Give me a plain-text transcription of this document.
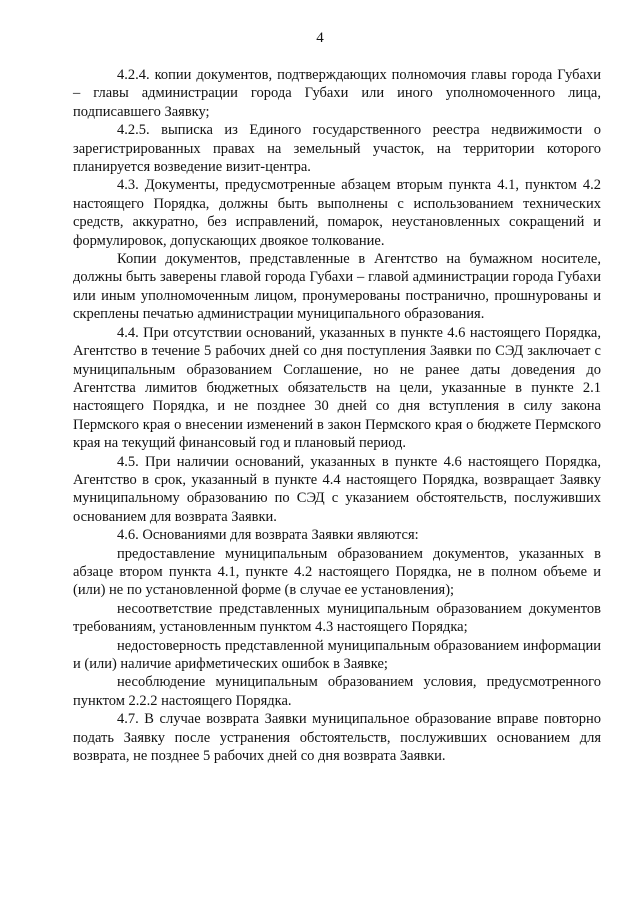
4

4.2.4. копии документов, подтверждающих полномочия главы города Губахи – главы администрации города Губахи или иного уполномоченного лица, подписавшего Заявку;

4.2.5. выписка из Единого государственного реестра недвижимости о зарегистрированных правах на земельный участок, на территории которого планируется возведение визит-центра.

4.3. Документы, предусмотренные абзацем вторым пункта 4.1, пунктом 4.2 настоящего Порядка, должны быть выполнены с использованием технических средств, аккуратно, без исправлений, помарок, неустановленных сокращений и формулировок, допускающих двоякое толкование.

Копии документов, представленные в Агентство на бумажном носителе, должны быть заверены главой города Губахи – главой администрации города Губахи или иным уполномоченным лицом, пронумерованы постранично, прошнурованы и скреплены печатью администрации муниципального образования.

4.4. При отсутствии оснований, указанных в пункте 4.6 настоящего Порядка, Агентство в течение 5 рабочих дней со дня поступления Заявки по СЭД заключает с муниципальным образованием Соглашение, но не ранее даты доведения до Агентства лимитов бюджетных обязательств на цели, указанные в пункте 2.1 настоящего Порядка, и не позднее 30 дней со дня вступления в силу закона Пермского края о внесении изменений в закон Пермского края о бюджете Пермского края на текущий финансовый год и плановый период.

4.5. При наличии оснований, указанных в пункте 4.6 настоящего Порядка, Агентство в срок, указанный в пункте 4.4 настоящего Порядка, возвращает Заявку муниципальному образованию по СЭД с указанием обстоятельств, послуживших основанием для возврата Заявки.

4.6. Основаниями для возврата Заявки являются:

предоставление муниципальным образованием документов, указанных в абзаце втором пункта 4.1, пункте 4.2 настоящего Порядка, не в полном объеме и (или) не по установленной форме (в случае ее установления);

несоответствие представленных муниципальным образованием документов требованиям, установленным пунктом 4.3 настоящего Порядка;

недостоверность представленной муниципальным образованием информации и (или) наличие арифметических ошибок в Заявке;

несоблюдение муниципальным образованием условия, предусмотренного пунктом 2.2.2 настоящего Порядка.

4.7. В случае возврата Заявки муниципальное образование вправе повторно подать Заявку после устранения обстоятельств, послуживших основанием для возврата, не позднее 5 рабочих дней со дня возврата Заявки.
